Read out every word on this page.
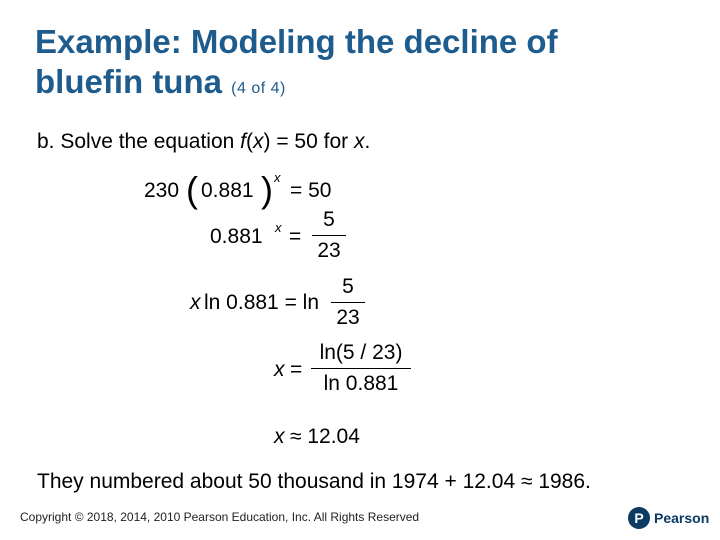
Example: Modeling the decline of
bluefin tuna (4 of 4)
b. Solve the equation f(x) = 50 for x.
230 ( 0.881 ) x
= 50
0.881 x =
5
23
x ln 0.881 = ln
5
23
x =
ln(5 / 23)
ln 0.881
x ≈ 12.04
They numbered about 50 thousand in 1974 + 12.04 ≈ 1986.
Copyright © 2018, 2014, 2010 Pearson Education, Inc. All Rights Reserved	P Pearson
